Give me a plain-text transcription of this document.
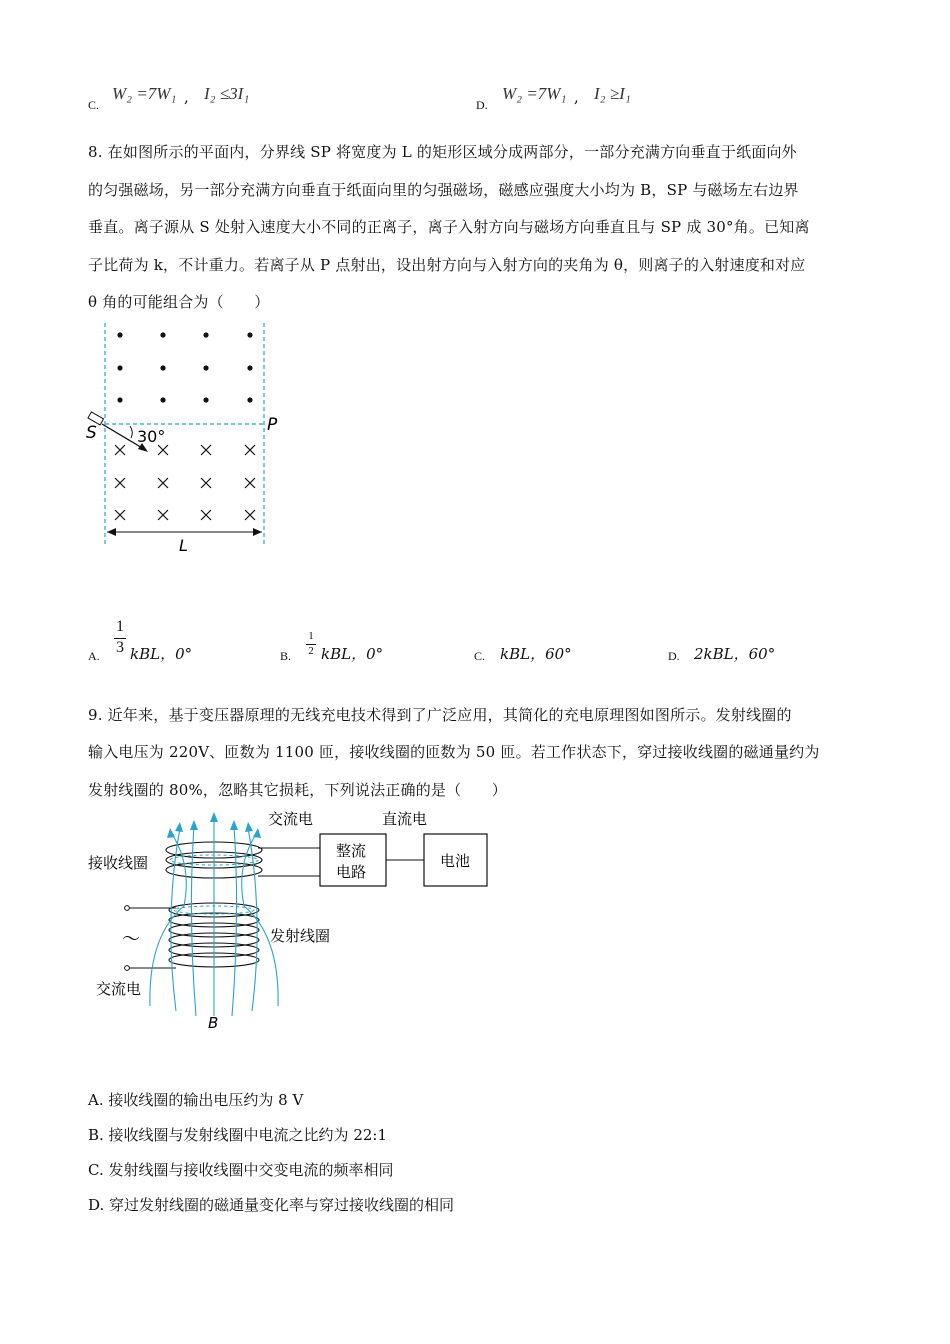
C.
W₂ =7W₁ , I₂ ≤3I₁
D.
W₂ =7W₁ , I₂ ≥I₁
8. 在如图所示的平面内，分界线 SP 将宽度为 L 的矩形区域分成两部分，一部分充满方向垂直于纸面向外
的匀强磁场，另一部分充满方向垂直于纸面向里的匀强磁场，磁感应强度大小均为 B，SP 与磁场左右边界
垂直。离子源从 S 处射入速度大小不同的正离子，离子入射方向与磁场方向垂直且与 SP 成 30°角。已知离
子比荷为 k，不计重力。若离子从 P 点射出，设出射方向与入射方向的夹角为 θ，则离子的入射速度和对应
θ 角的可能组合为（　　）
S	P
30°
L
A.
1
3 kBL，0°	B.
1
2 kBL，0°	C. kBL，60°	D. 2kBL，60°
9. 近年来，基于变压器原理的无线充电技术得到了广泛应用，其简化的充电原理图如图所示。发射线圈的
输入电压为 220V、匝数为 1100 匝，接收线圈的匝数为 50 匝。若工作状态下，穿过接收线圈的磁通量约为
发射线圈的 80%，忽略其它损耗，下列说法正确的是（　　）
交流电	直流电
接收线圈
～	发射线圈
交流电
B
整流
电路
电池
A. 接收线圈的输出电压约为 8 V
B. 接收线圈与发射线圈中电流之比约为 22:1
C. 发射线圈与接收线圈中交变电流的频率相同
D. 穿过发射线圈的磁通量变化率与穿过接收线圈的相同
